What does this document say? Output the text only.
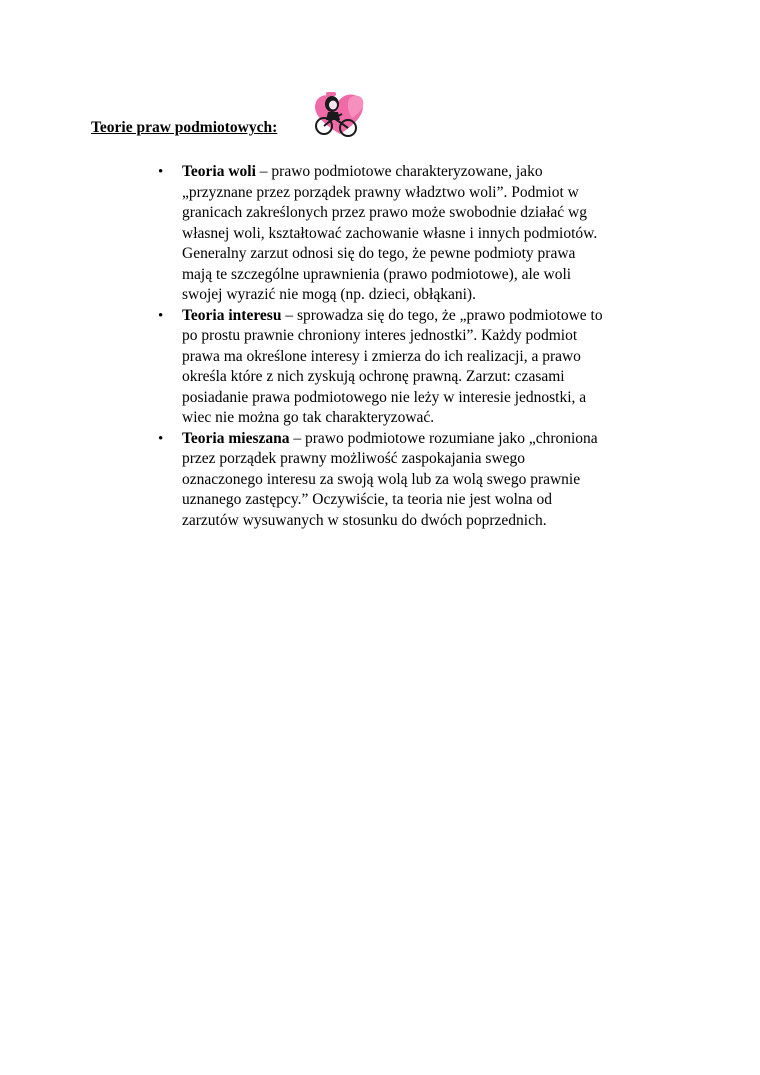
Teorie praw podmiotowych:
•	Teoria woli – prawo podmiotowe charakteryzowane, jako
„przyznane przez porządek prawny władztwo woli”. Podmiot w
granicach zakreślonych przez prawo może swobodnie działać wg
własnej woli, kształtować zachowanie własne i innych podmiotów.
Generalny zarzut odnosi się do tego, że pewne podmioty prawa
mają te szczególne uprawnienia (prawo podmiotowe), ale woli
swojej wyrazić nie mogą (np. dzieci, obłąkani).
•	Teoria interesu – sprowadza się do tego, że „prawo podmiotowe to
po prostu prawnie chroniony interes jednostki”. Każdy podmiot
prawa ma określone interesy i zmierza do ich realizacji, a prawo
określa które z nich zyskują ochronę prawną. Zarzut: czasami
posiadanie prawa podmiotowego nie leży w interesie jednostki, a
wiec nie można go tak charakteryzować.
•	Teoria mieszana – prawo podmiotowe rozumiane jako „chroniona
przez porządek prawny możliwość zaspokajania swego
oznaczonego interesu za swoją wolą lub za wolą swego prawnie
uznanego zastępcy.” Oczywiście, ta teoria nie jest wolna od
zarzutów wysuwanych w stosunku do dwóch poprzednich.
